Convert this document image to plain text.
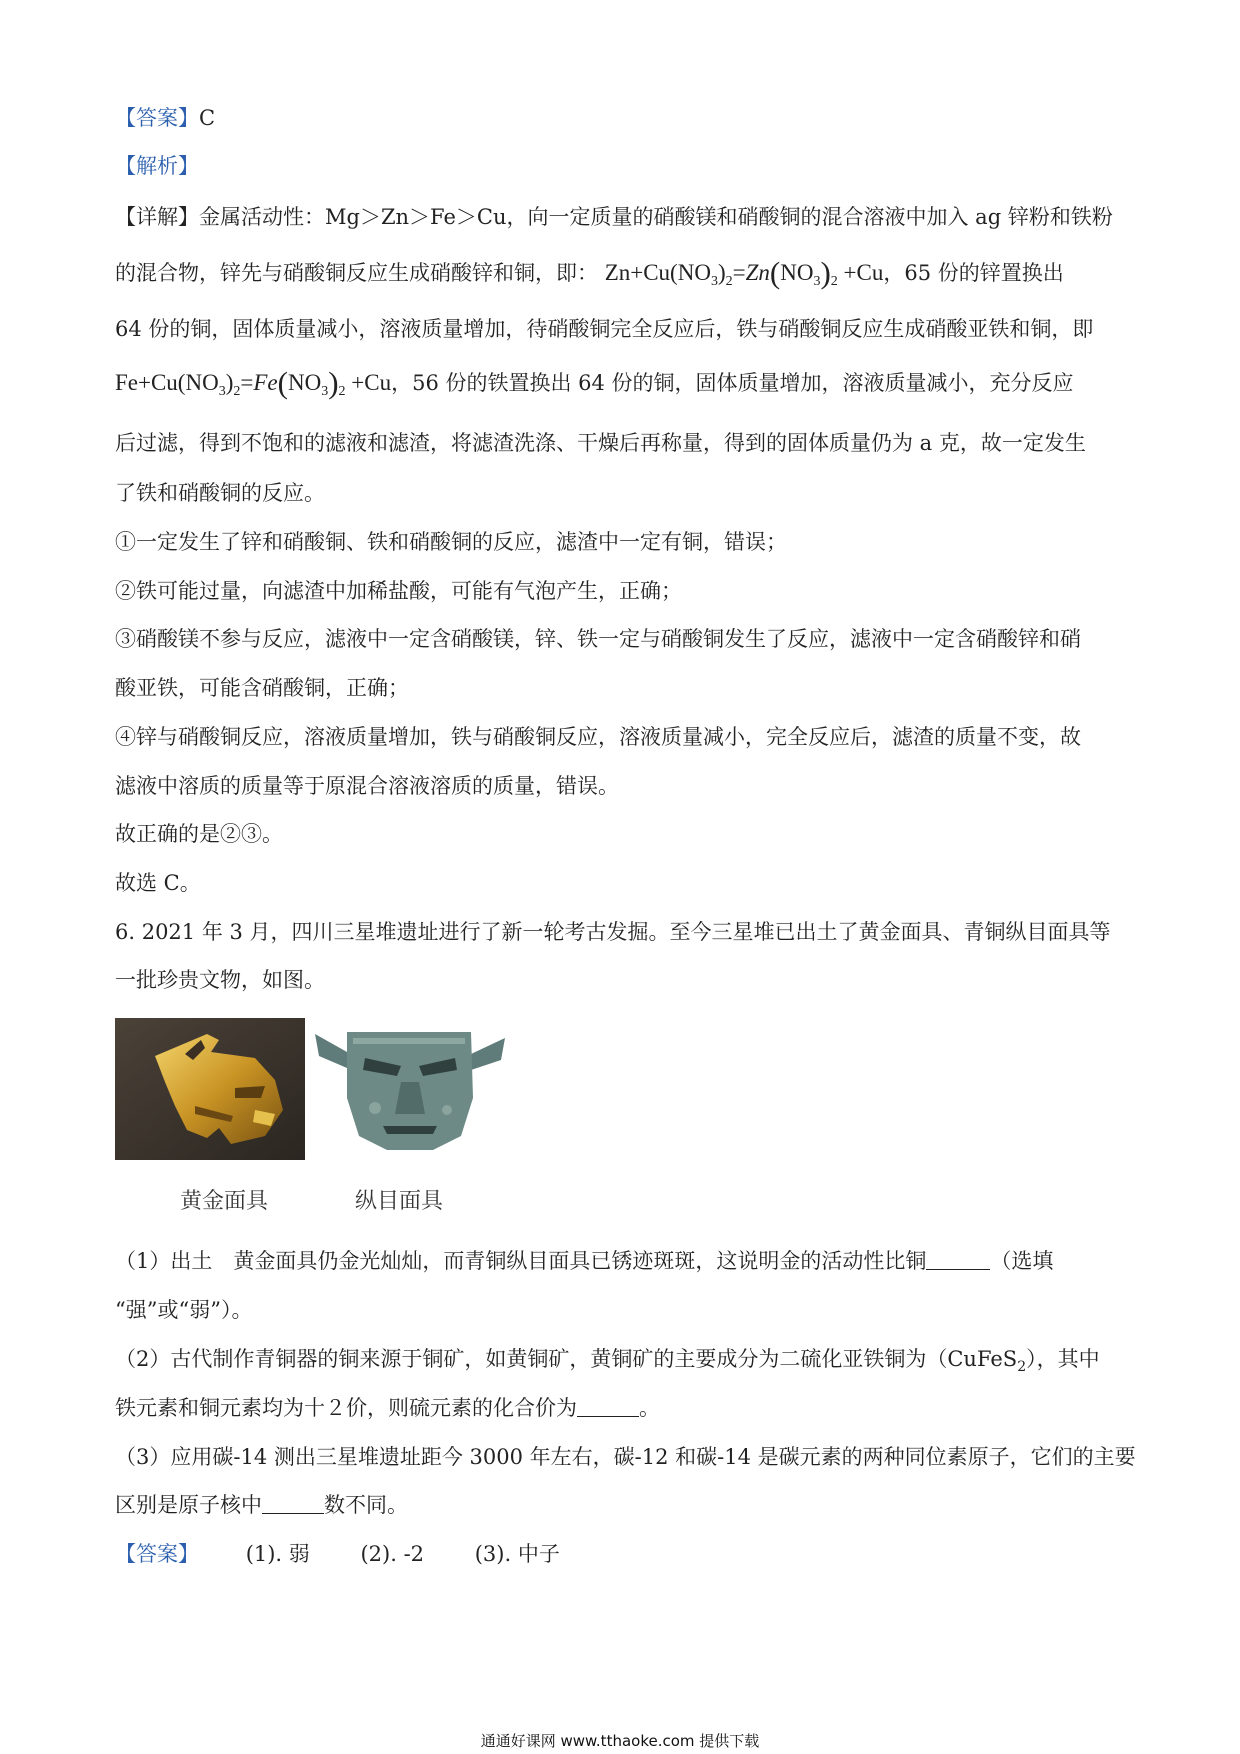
【答案】C
【解析】
【详解】金属活动性：Mg＞Zn＞Fe＞Cu，向一定质量的硝酸镁和硝酸铜的混合溶液中加入 ag 锌粉和铁粉
的混合物，锌先与硝酸铜反应生成硝酸锌和铜，即： $Zn+Cu(NO_3)_2=Zn(NO_3)_2 +Cu$，65 份的锌置换出
64 份的铜，固体质量减小，溶液质量增加，待硝酸铜完全反应后，铁与硝酸铜反应生成硝酸亚铁和铜，即
$Fe+Cu(NO_3)_2=Fe(NO_3)_2 +Cu$，56 份的铁置换出 64 份的铜，固体质量增加，溶液质量减小，充分反应
后过滤，得到不饱和的滤液和滤渣，将滤渣洗涤、干燥后再称量，得到的固体质量仍为 a 克，故一定发生
了铁和硝酸铜的反应。
①一定发生了锌和硝酸铜、铁和硝酸铜的反应，滤渣中一定有铜，错误；
②铁可能过量，向滤渣中加稀盐酸，可能有气泡产生，正确；
③硝酸镁不参与反应，滤液中一定含硝酸镁，锌、铁一定与硝酸铜发生了反应，滤液中一定含硝酸锌和硝
酸亚铁，可能含硝酸铜，正确；
④锌与硝酸铜反应，溶液质量增加，铁与硝酸铜反应，溶液质量减小，完全反应后，滤渣的质量不变，故
滤液中溶质的质量等于原混合溶液溶质的质量，错误。
故正确的是②③。
故选 C。
6. 2021 年 3 月，四川三星堆遗址进行了新一轮考古发掘。至今三星堆已出土了黄金面具、青铜纵目面具等
一批珍贵文物，如图。
黄金面具	纵目面具
（1）出土　黄金面具仍金光灿灿，而青铜纵目面具已锈迹斑斑，这说明金的活动性比铜	（选填
“强”或“弱”）。
（2）古代制作青铜器的铜来源于铜矿，如黄铜矿，黄铜矿的主要成分为二硫化亚铁铜为（CuFeS$_2$），其中
铁元素和铜元素均为十２价，则硫元素的化合价为	。
（3）应用碳-14 测出三星堆遗址距今 3000 年左右，碳-12 和碳-14 是碳元素的两种同位素原子，它们的主要
区别是原子核中	数不同。
【答案】 (1). 弱 (2). -2 (3). 中子
通通好课网 www.tthaoke.com 提供下载
